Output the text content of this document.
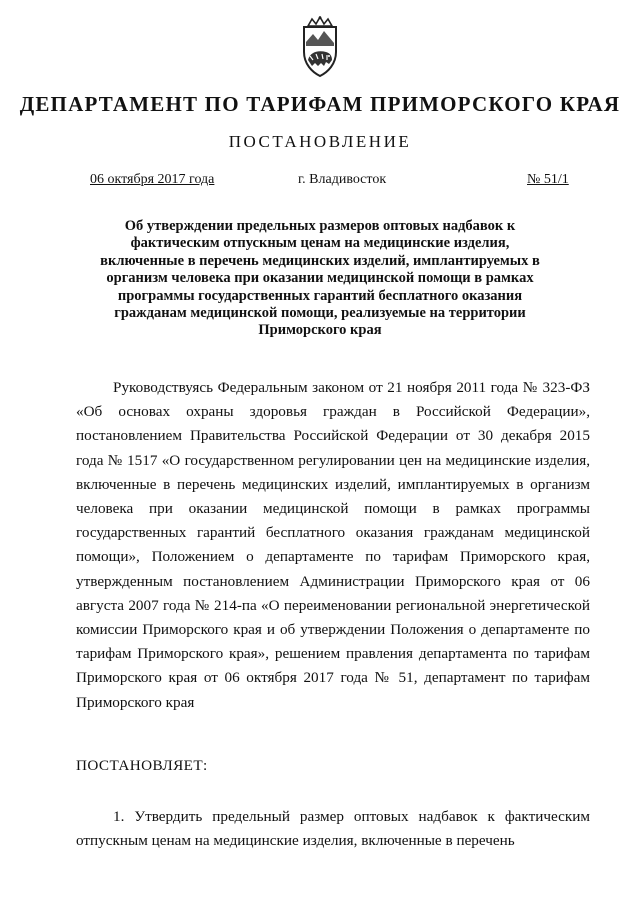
ДЕПАРТАМЕНТ ПО ТАРИФАМ ПРИМОРСКОГО КРАЯ
ПОСТАНОВЛЕНИЕ
06 октября 2017 года	г. Владивосток	№ 51/1
Об утверждении предельных размеров оптовых надбавок к фактическим отпускным ценам на медицинские изделия, включенные в перечень медицинских изделий, имплантируемых в организм человека при оказании медицинской помощи в рамках программы государственных гарантий бесплатного оказания гражданам медицинской помощи, реализуемые на территории Приморского края

Руководствуясь Федеральным законом от 21 ноября 2011 года № 323-ФЗ «Об основах охраны здоровья граждан в Российской Федерации», постановлением Правительства Российской Федерации от 30 декабря 2015 года № 1517 «О государственном регулировании цен на медицинские изделия, включенные в перечень медицинских изделий, имплантируемых в организм человека при оказании медицинской помощи в рамках программы государственных гарантий бесплатного оказания гражданам медицинской помощи», Положением о департаменте по тарифам Приморского края, утвержденным постановлением Администрации Приморского края от 06 августа 2007 года № 214-па «О переименовании региональной энергетической комиссии Приморского края и об утверждении Положения о департаменте по тарифам Приморского края», решением правления департамента по тарифам Приморского края от 06 октября 2017 года № 51, департамент по тарифам Приморского края

ПОСТАНОВЛЯЕТ:

1. Утвердить предельный размер оптовых надбавок к фактическим отпускным ценам на медицинские изделия, включенные в перечень
